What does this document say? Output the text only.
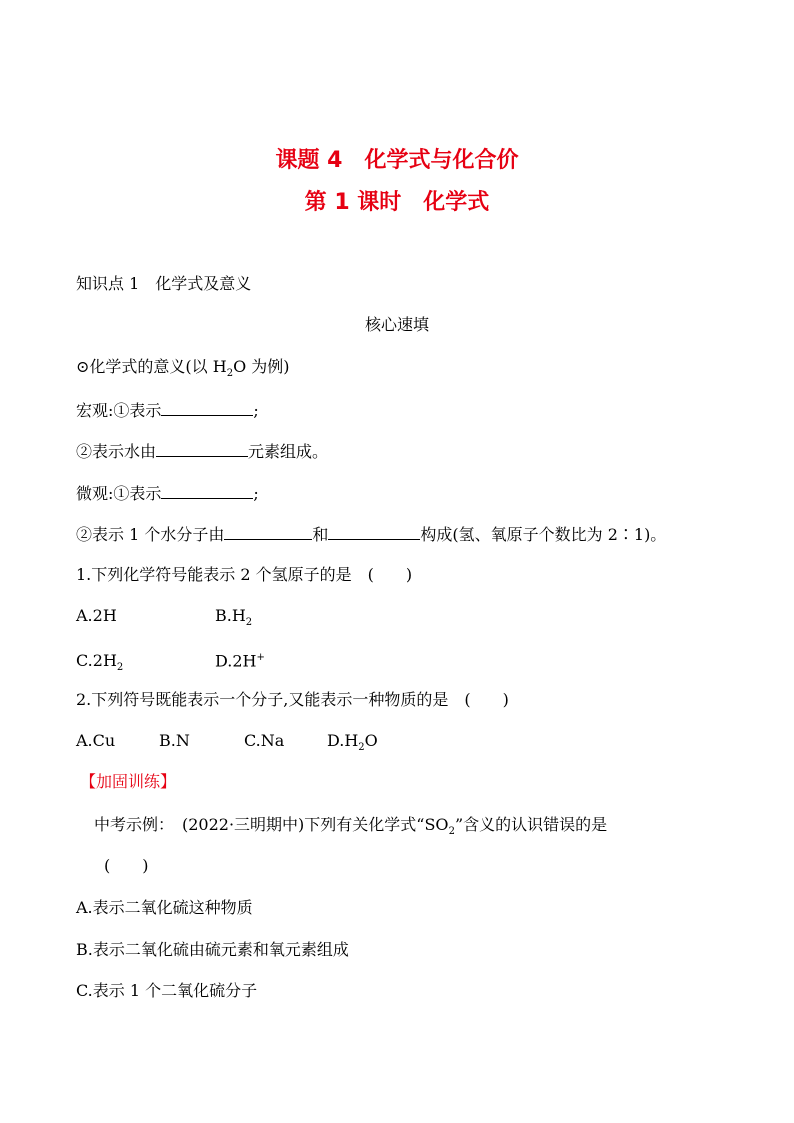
课题 4　化学式与化合价
第 1 课时　化学式
知识点 1　化学式及意义
核心速填
⊙化学式的意义(以 $H_2O$ 为例)
宏观:①表示	;
②表示水由	元素组成。
微观:①表示	;
②表示 1 个水分子由	和	构成(氢、氧原子个数比为 2∶1)。
1.下列化学符号能表示 2 个氢原子的是　(　　)
A.2H	$B.H_2$
$C.2H_2$	D.2H+
2.下列符号既能表示一个分子,又能表示一种物质的是　(　　)
A.Cu	B.N	C.Na	$D.H_2O$
【加固训练】
中考示例：　(2022·三明期中)下列有关化学式“$SO_2$”含义的认识错误的是
(　　)
A.表示二氧化硫这种物质
B.表示二氧化硫由硫元素和氧元素组成
C.表示 1 个二氧化硫分子
